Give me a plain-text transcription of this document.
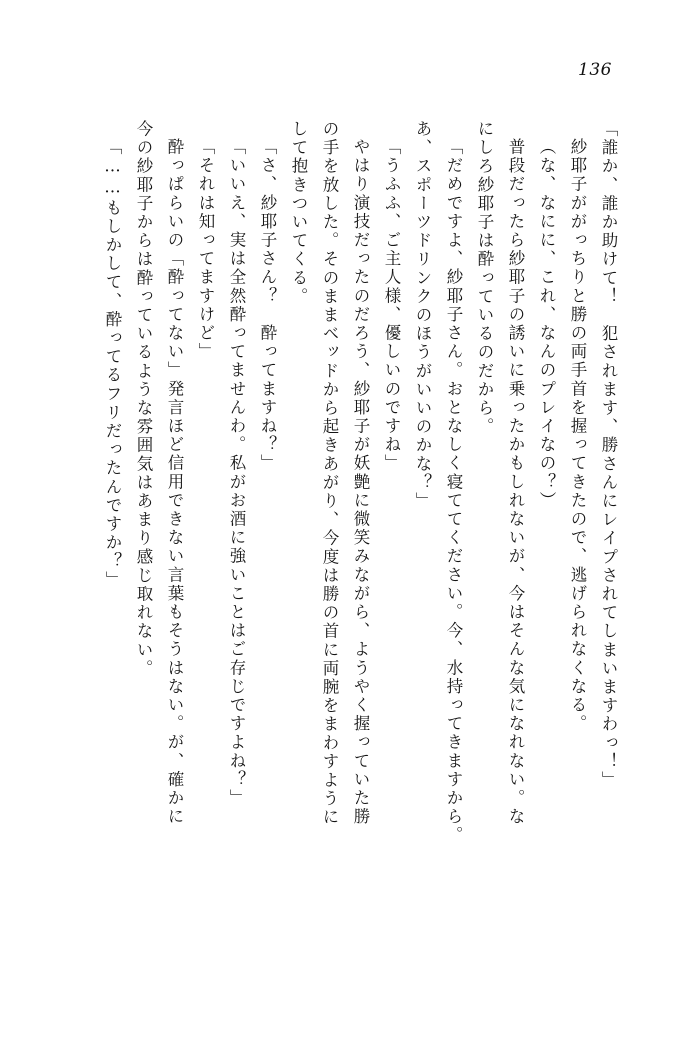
136
「誰か、誰か助けて！　犯されます、勝さんにレイプされてしまいますわっ！」
紗耶子ががっちりと勝の両手首を握ってきたので、逃げられなくなる。
（な、なにに、これ、なんのプレイなの？）
普段だったら紗耶子の誘いに乗ったかもしれないが、今はそんな気になれない。な
にしろ紗耶子は酔っているのだから。
「だめですよ、紗耶子さん。おとなしく寝ててください。今、水持ってきますから。
あ、スポーツドリンクのほうがいいのかな？」
「うふふ、ご主人様、優しいのですね」
やはり演技だったのだろう、紗耶子が妖艶に微笑みながら、ようやく握っていた勝
の手を放した。そのままベッドから起きあがり、今度は勝の首に両腕をまわすように
して抱きついてくる。
「さ、紗耶子さん？　酔ってますね？」
「いいえ、実は全然酔ってませんわ。私がお酒に強いことはご存じですよね？」
「それは知ってますけど」
酔っぱらいの「酔ってない」発言ほど信用できない言葉もそうはない。が、確かに
今の紗耶子からは酔っているような雰囲気はあまり感じ取れない。
「……もしかして、酔ってるフリだったんですか？」
